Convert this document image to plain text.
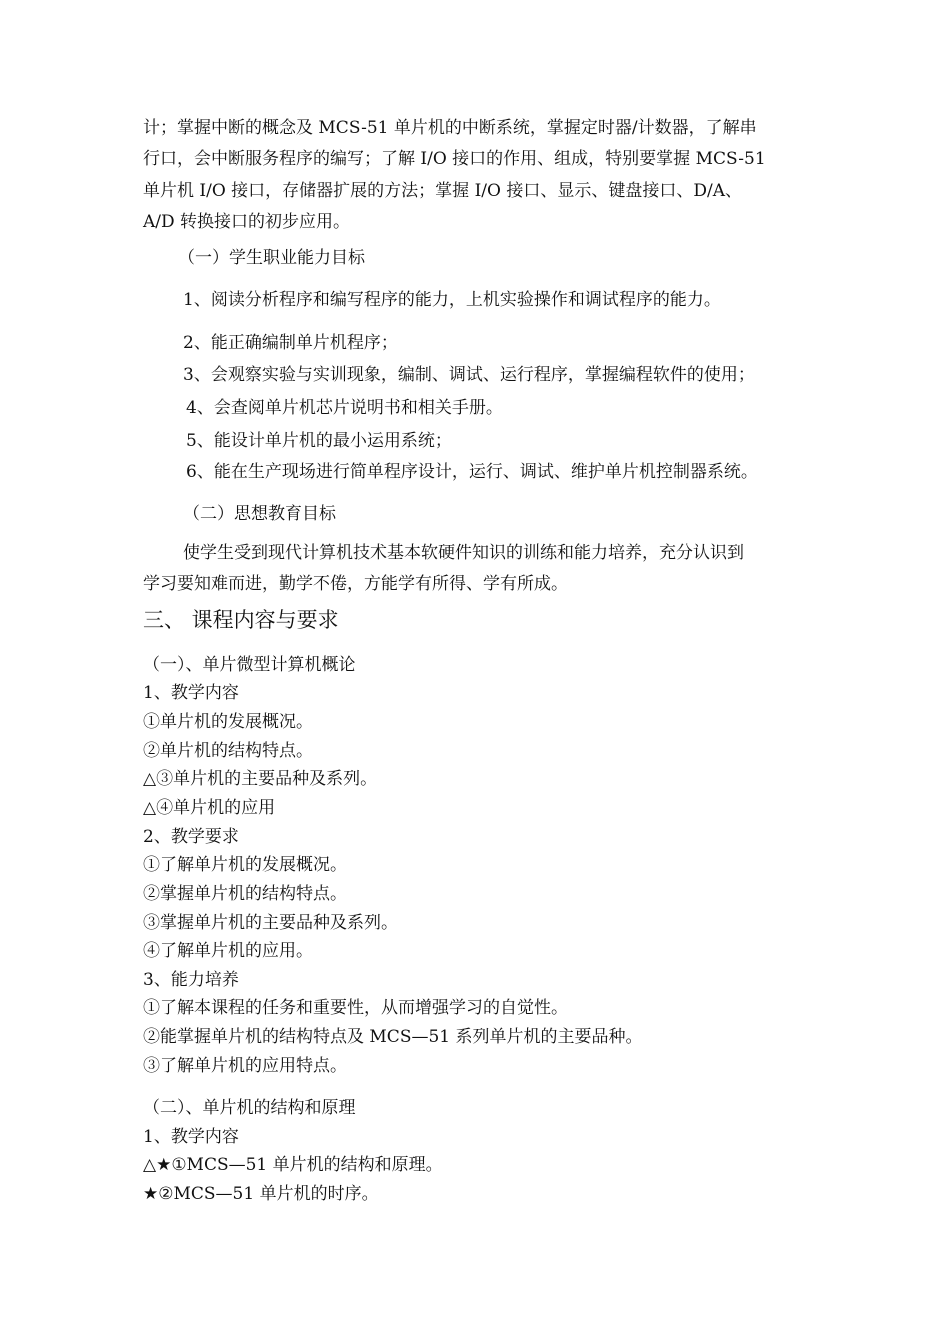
计；掌握中断的概念及 MCS-51 单片机的中断系统，掌握定时器/计数器，了解串
行口，会中断服务程序的编写；了解 I/O 接口的作用、组成，特别要掌握 MCS-51
单片机 I/O 接口，存储器扩展的方法；掌握 I/O 接口、显示、键盘接口、D/A、
A/D 转换接口的初步应用。
（一）学生职业能力目标
1、阅读分析程序和编写程序的能力，上机实验操作和调试程序的能力。
2、能正确编制单片机程序；
3、会观察实验与实训现象，编制、调试、运行程序，掌握编程软件的使用；
4、会查阅单片机芯片说明书和相关手册。
5、能设计单片机的最小运用系统；
6、能在生产现场进行简单程序设计，运行、调试、维护单片机控制器系统。
（二）思想教育目标
使学生受到现代计算机技术基本软硬件知识的训练和能力培养，充分认识到
学习要知难而进，勤学不倦，方能学有所得、学有所成。
三、 课程内容与要求
（一）、单片微型计算机概论
1、教学内容
①单片机的发展概况。
②单片机的结构特点。
△③单片机的主要品种及系列。
△④单片机的应用
2、教学要求
①了解单片机的发展概况。
②掌握单片机的结构特点。
③掌握单片机的主要品种及系列。
④了解单片机的应用。
3、能力培养
①了解本课程的任务和重要性，从而增强学习的自觉性。
②能掌握单片机的结构特点及 MCS—51 系列单片机的主要品种。
③了解单片机的应用特点。
（二）、单片机的结构和原理
1、教学内容
△★①MCS—51 单片机的结构和原理。
★②MCS—51 单片机的时序。
